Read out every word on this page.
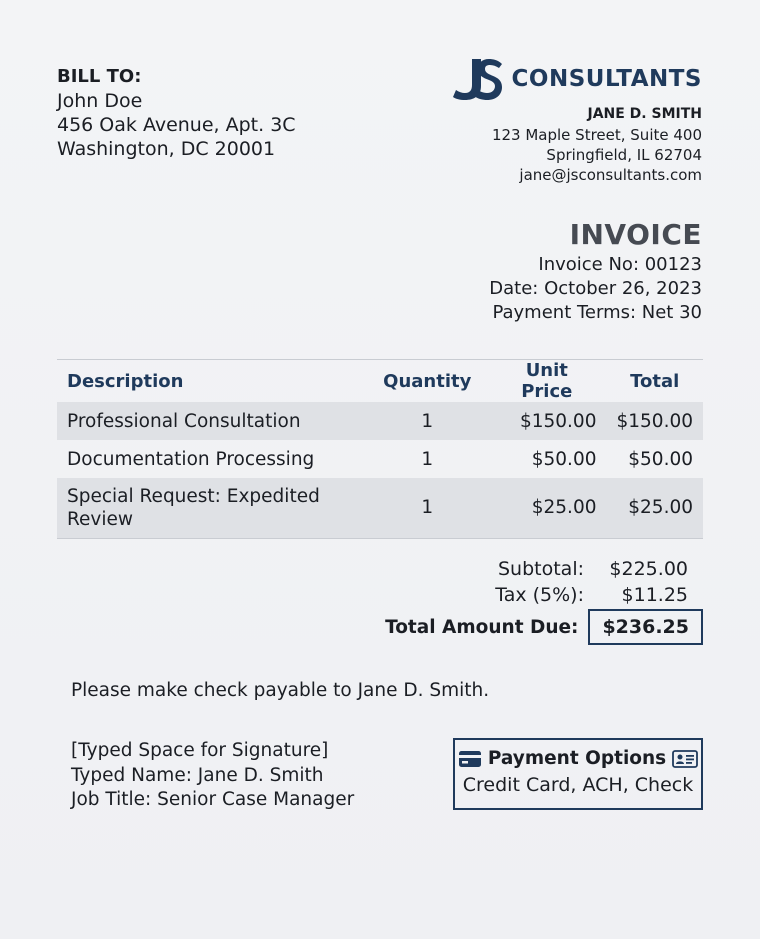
BILL TO:
John Doe
456 Oak Avenue, Apt. 3C
Washington, DC 20001
CONSULTANTS
JANE D. SMITH
123 Maple Street, Suite 400
Springfield, IL 62704
jane@jsconsultants.com
INVOICE
Invoice No: 00123
Date: October 26, 2023
Payment Terms: Net 30
Description	Quantity	Unit Price	Total
Professional Consultation	1	$150.00	$150.00
Documentation Processing	1	$50.00	$50.00

Special Request: Expedited Review	1	$25.00	$25.00
Subtotal:	$225.00
Tax (5%):	$11.25
Total Amount Due:	$236.25
Please make check payable to Jane D. Smith.
[Typed Space for Signature]
Typed Name: Jane D. Smith
Job Title: Senior Case Manager
Payment Options
Credit Card, ACH, Check
